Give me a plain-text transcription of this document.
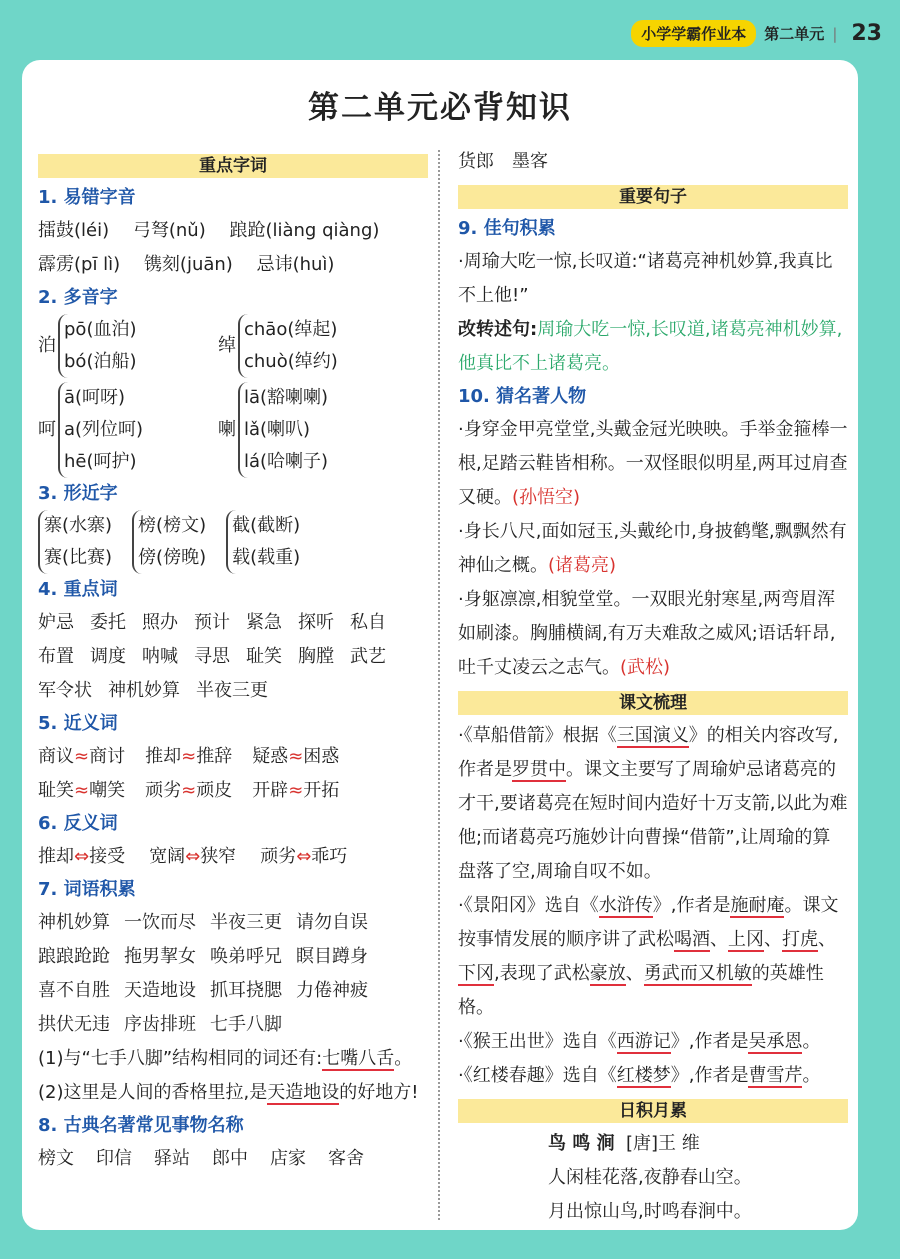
小学学霸作业本	第二单元 | 23
第二单元必背知识
重点字词
1. 易错字音
擂鼓(léi) 弓弩(nǔ) 踉跄(liàng qiàng)
霹雳(pī lì) 镌刻(juān) 忌讳(huì)
2. 多音字
泊
pō(血泊)
bó(泊船)
绰
chāo(绰起)
chuò(绰约)
呵
ā(呵呀)
a(列位呵)
hē(呵护)
喇
lā(豁喇喇)
lǎ(喇叭)
lá(哈喇子)
3. 形近字
寨(水寨)
赛(比赛)
榜(榜文)
傍(傍晚)
截(截断)
载(载重)
4. 重点词
妒忌 委托 照办 预计 紧急 探听 私自
布置 调度 呐喊 寻思 耻笑 胸膛 武艺
军令状 神机妙算 半夜三更
5. 近义词
商议≈商讨 推却≈推辞 疑惑≈困惑
耻笑≈嘲笑 顽劣≈顽皮 开辟≈开拓
6. 反义词
推却⇔接受 宽阔⇔狭窄 顽劣⇔乖巧
7. 词语积累
神机妙算 一饮而尽 半夜三更 请勿自误
踉踉跄跄 拖男挈女 唤弟呼兄 瞑目蹲身
喜不自胜 天造地设 抓耳挠腮 力倦神疲
拱伏无违 序齿排班 七手八脚

(1)与“七手八脚”结构相同的词还有:七嘴八舌。

(2)这里是人间的香格里拉,是天造地设的好地方!

8. 古典名著常见事物名称
榜文 印信 驿站 郎中 店家 客舍
货郎 墨客
重要句子
9. 佳句积累

·周瑜大吃一惊,长叹道:“诸葛亮神机妙算,我真比不上他!”

改转述句:周瑜大吃一惊,长叹道,诸葛亮神机妙算,他真比不上诸葛亮。

10. 猜名著人物

·身穿金甲亮堂堂,头戴金冠光映映。手举金箍棒一根,足踏云鞋皆相称。一双怪眼似明星,两耳过肩查又硬。(孙悟空)

·身长八尺,面如冠玉,头戴纶巾,身披鹤氅,飘飘然有神仙之概。(诸葛亮)

·身躯凛凛,相貌堂堂。一双眼光射寒星,两弯眉浑如刷漆。胸脯横阔,有万夫难敌之威风;语话轩昂,吐千丈凌云之志气。(武松)

课文梳理

·《草船借箭》根据《三国演义》的相关内容改写,作者是罗贯中。课文主要写了周瑜妒忌诸葛亮的才干,要诸葛亮在短时间内造好十万支箭,以此为难他;而诸葛亮巧施妙计向曹操“借箭”,让周瑜的算盘落了空,周瑜自叹不如。

·《景阳冈》选自《水浒传》,作者是施耐庵。课文按事情发展的顺序讲了武松喝酒、上冈、打虎、下冈,表现了武松豪放、勇武而又机敏的英雄性格。

·《猴王出世》选自《西游记》,作者是吴承恩。

·《红楼春趣》选自《红楼梦》,作者是曹雪芹。

日积月累
鸟 鸣 涧 [唐]王 维
人闲桂花落,夜静春山空。
月出惊山鸟,时鸣春涧中。
